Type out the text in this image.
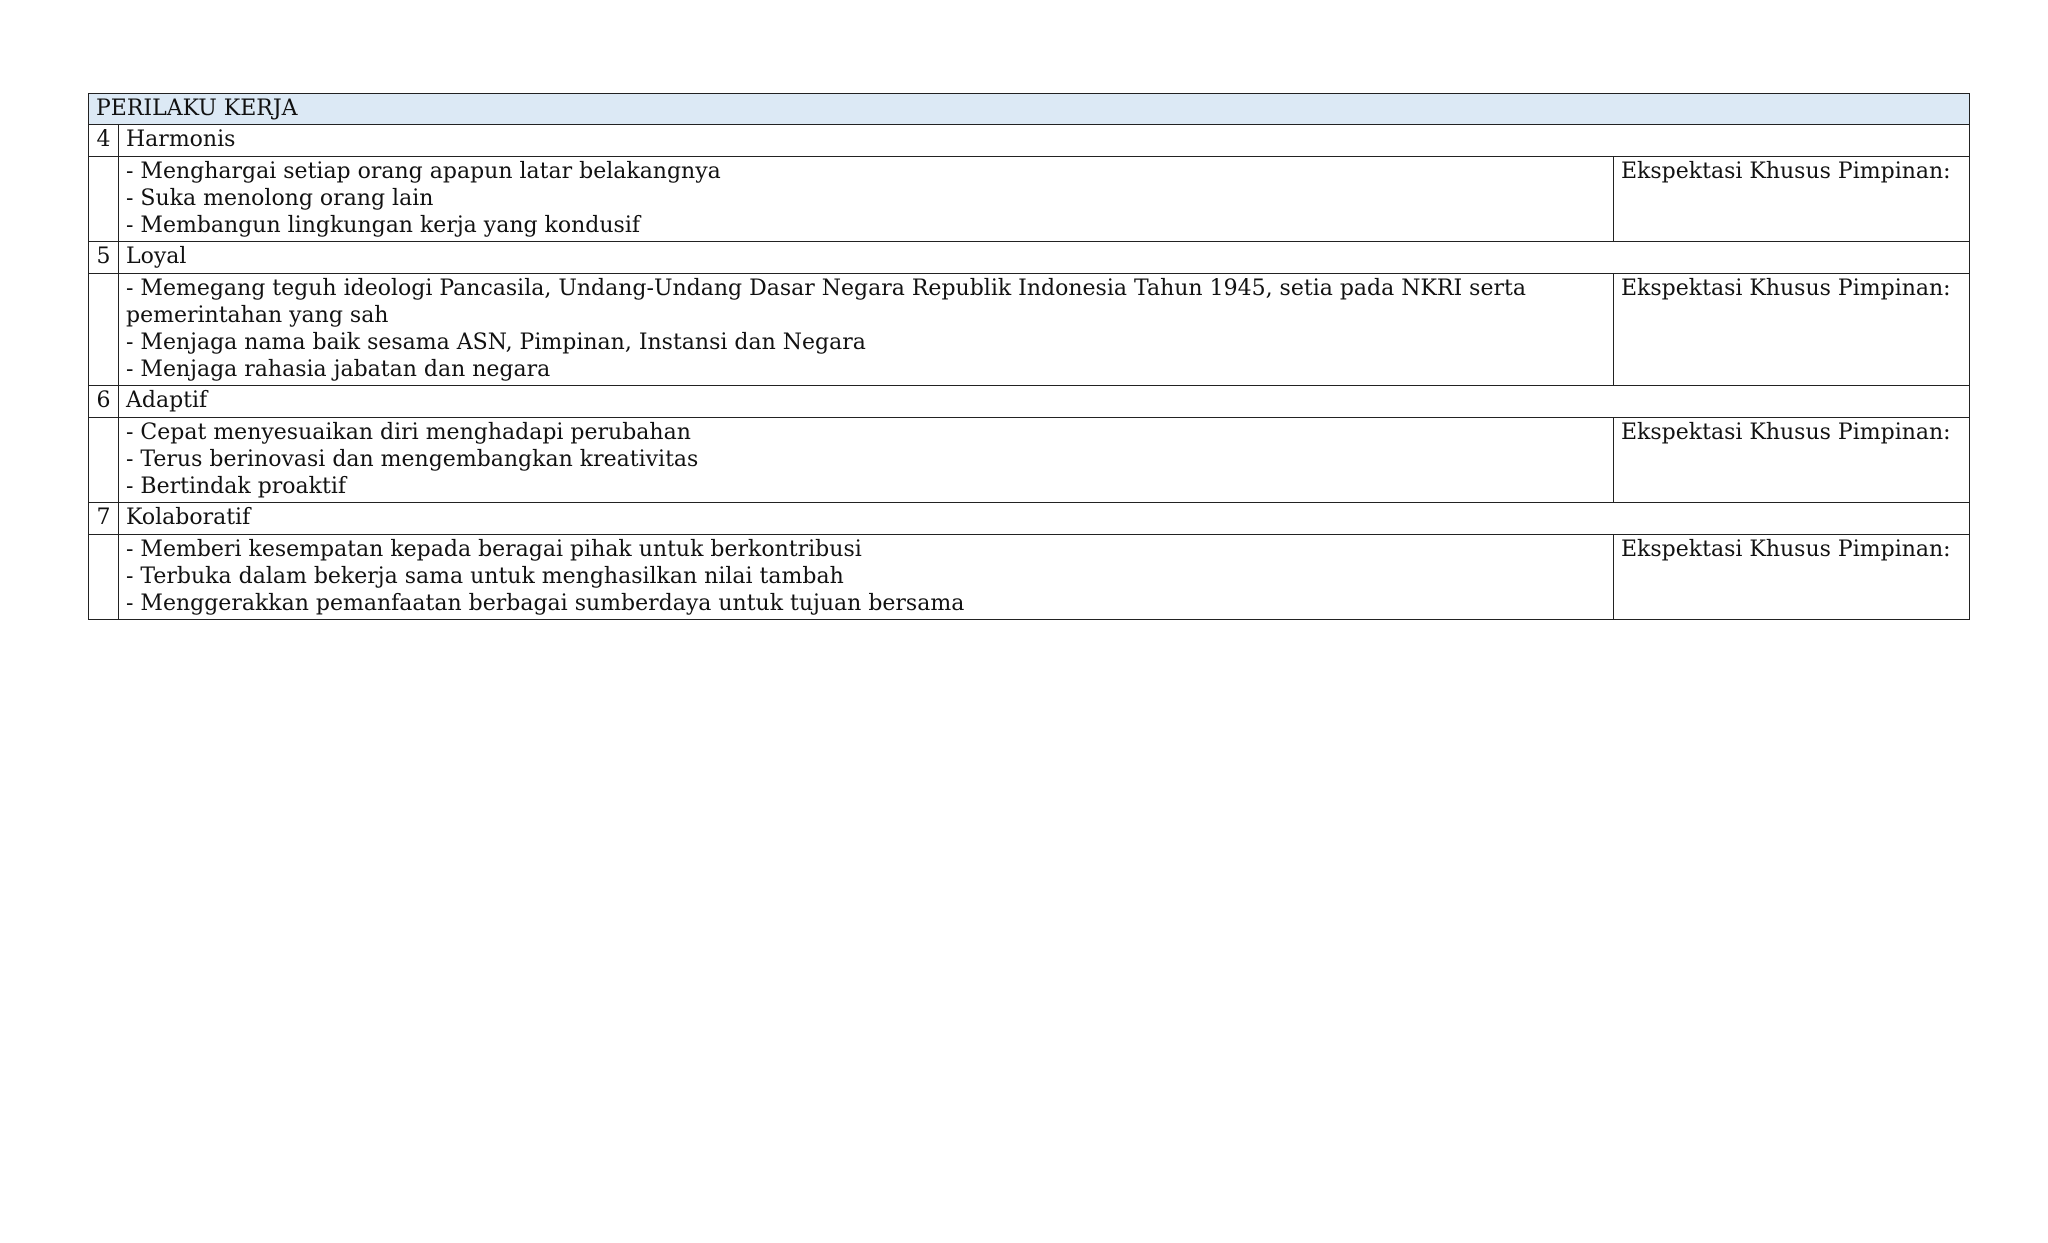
PERILAKU KERJA		
4	Harmonis	

	- Menghargai setiap orang apapun latar belakangnya
- Suka menolong orang lain
- Membangun lingkungan kerja yang kondusif	Ekspektasi Khusus Pimpinan:
5	Loyal	

	- Memegang teguh ideologi Pancasila, Undang-Undang Dasar Negara Republik Indonesia Tahun 1945, setia pada NKRI serta pemerintahan yang sah
- Menjaga nama baik sesama ASN, Pimpinan, Instansi dan Negara
- Menjaga rahasia jabatan dan negara	Ekspektasi Khusus Pimpinan:
6	Adaptif	

	- Cepat menyesuaikan diri menghadapi perubahan
- Terus berinovasi dan mengembangkan kreativitas
- Bertindak proaktif	Ekspektasi Khusus Pimpinan:
7	Kolaboratif	

	- Memberi kesempatan kepada beragai pihak untuk berkontribusi
- Terbuka dalam bekerja sama untuk menghasilkan nilai tambah
- Menggerakkan pemanfaatan berbagai sumberdaya untuk tujuan bersama	Ekspektasi Khusus Pimpinan:
